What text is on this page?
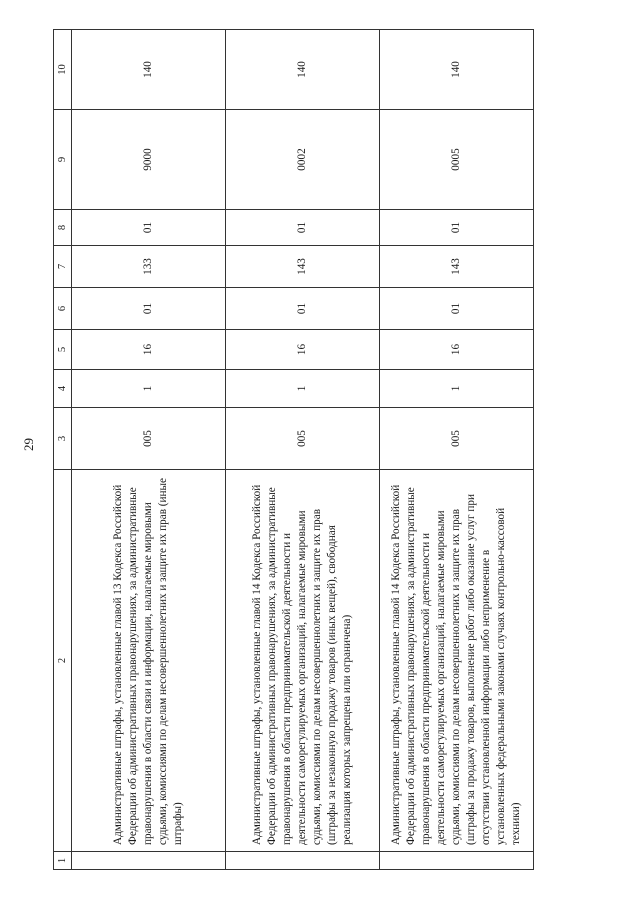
29
1	2	3	4	5	6	7	8	9	10
	Административные штрафы, установленные главой 13 Кодекса Российской Федерации об административных правонарушениях, за административные правонарушения в области связи и информации, налагаемые мировыми судьями, комиссиями по делам несовершеннолетних и защите их прав (иные штрафы)	005	1	16	01	133	01	9000	140
	Административные штрафы, установленные главой 14 Кодекса Российской Федерации об административных правонарушениях, за административные правонарушения в области предпринимательской деятельности и деятельности саморегулируемых организаций, налагаемые мировыми судьями, комиссиями по делам несовершеннолетних и защите их прав (штрафы за незаконную продажу товаров (иных вещей), свободная реализация которых запрещена или ограничена)	005	1	16	01	143	01	0002	140
	Административные штрафы, установленные главой 14 Кодекса Российской Федерации об административных правонарушениях, за административные правонарушения в области предпринимательской деятельности и деятельности саморегулируемых организаций, налагаемые мировыми судьями, комиссиями по делам несовершеннолетних и защите их прав (штрафы за продажу товаров, выполнение работ либо оказание услуг при отсутствии установленной информации либо неприменение в установленных федеральными законами случаях контрольно-кассовой техники)	005	1	16	01	143	01	0005	140
